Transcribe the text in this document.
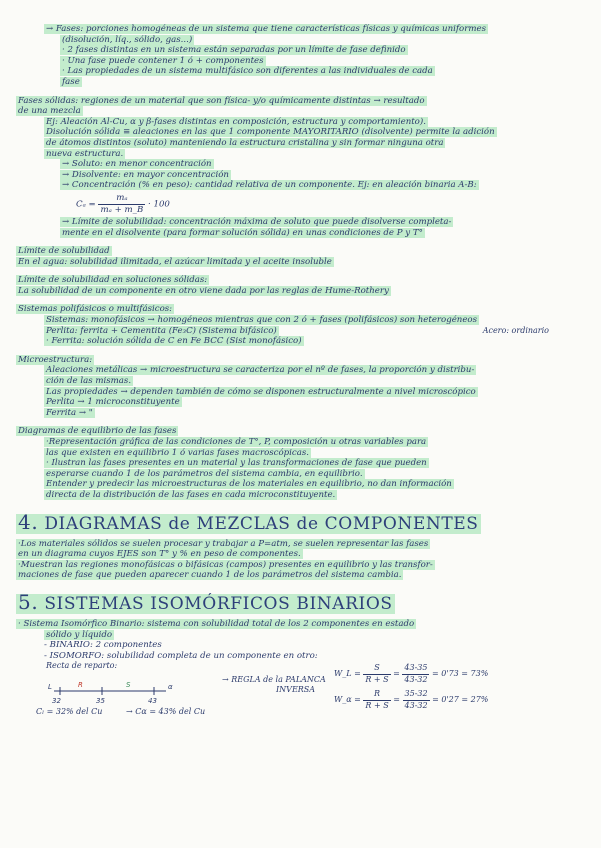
→ Fases: porciones homogéneas de un sistema que tiene características físicas y químicas uniformes
(disolución, líq., sólido, gas...)
· 2 fases distintas en un sistema están separadas por un límite de fase definido
· Una fase puede contener 1 ó + componentes
· Las propiedades de un sistema multifásico son diferentes a las individuales de cada
fase
Fases sólidas: regiones de un material que son física- y/o químicamente distintas → resultado
de una mezcla
Ej: Aleación Al-Cu, α y β-fases distintas en composición, estructura y comportamiento).
Disolución sólida ≡ aleaciones en las que 1 componente MAYORITARIO (disolvente) permite la adición
de átomos distintos (soluto) manteniendo la estructura cristalina y sin formar ninguna otra
nueva estructura.
→ Soluto: en menor concentración
→ Disolvente: en mayor concentración
→ Concentración (% en peso): cantidad relativa de un componente. Ej: en aleación binaria A-B:
$C_a = \frac{\text{mₐ}}{\text{mₐ + m\_B}} \cdot 100$
→ Límite de solubilidad: concentración máxima de soluto que puede disolverse completa-
mente en el disolvente (para formar solución sólida) en unas condiciones de P y T°
Límite de solubilidad
En el agua: solubilidad ilimitada, el azúcar limitada y el aceite insoluble
Límite de solubilidad en soluciones sólidas:
La solubilidad de un componente en otro viene dada por las reglas de Hume-Rothery
Sistemas polifásicos o multifásicos:
Sistemas: monofásicos → homogéneos mientras que con 2 ó + fases (polifásicos) son heterogéneos
Perlita: ferrita + Cementita (Fe₃C) (Sistema bifásico)
· Ferrita: solución sólida de C en Fe BCC (Sist monofásico)
Acero: ordinario
Microestructura:
Aleaciones metálicas → microestructura se caracteriza por el nº de fases, la proporción y distribu-
ción de las mismas.
Las propiedades → dependen también de cómo se disponen estructuralmente a nivel microscópico
Perlita → 1 microconstituyente
Ferrita → "
Diagramas de equilibrio de las fases
·Representación gráfica de las condiciones de T°, P, composición u otras variables para
las que existen en equilibrio 1 ó varias fases macroscópicas.
· Ilustran las fases presentes en un material y las transformaciones de fase que pueden
esperarse cuando 1 de los parámetros del sistema cambia, en equilibrio.
Entender y predecir las microestructuras de los materiales en equilibrio, no dan información
directa de la distribución de las fases en cada microconstituyente.
4. DIAGRAMAS de MEZCLAS de COMPONENTES
·Los materiales sólidos se suelen procesar y trabajar a P=atm, se suelen representar las fases
en un diagrama cuyos EJES son T° y % en peso de componentes.
·Muestran las regiones monofásicas o bifásicas (campos) presentes en equilibrio y las transfor-
maciones de fase que pueden aparecer cuando 1 de los parámetros del sistema cambia.
5. SISTEMAS ISOMÓRFICOS BINARIOS
· Sistema Isomórfico Binario: sistema con solubilidad total de los 2 componentes en estado
sólido y líquido
- BINARIO: 2 componentes
- ISOMORFO: solubilidad completa de un componente en otro:
Recta de reparto:
32	35	43
L	R	S	α
Cₗ = 32% del Cu	→ Cα = 43% del Cu
→ REGLA de la PALANCA
INVERSA
W_L = $\frac{S}{R + S} = \frac{43-35}{43-32} = 0'73 = 73\%$
W_α = $\frac{R}{R + S} = \frac{35-32}{43-32} = 0'27 = 27\%$
